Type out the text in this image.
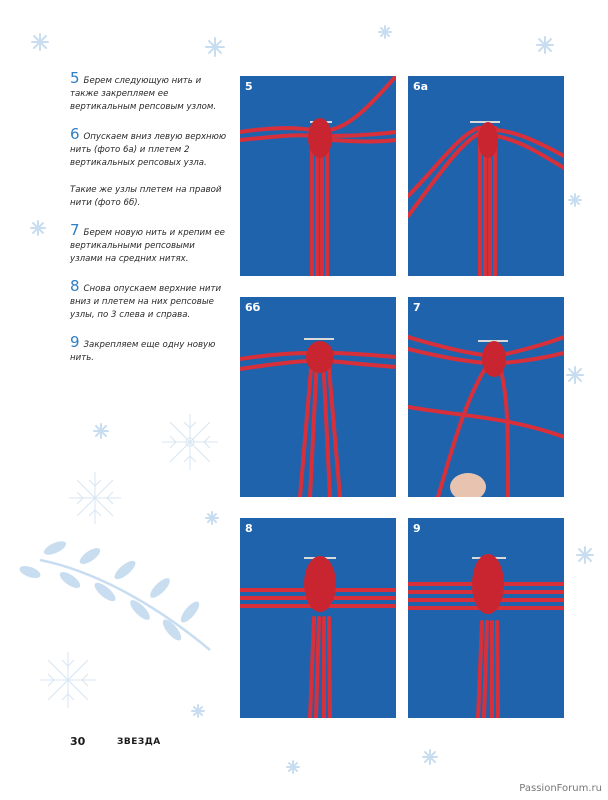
5 Берем следующую нить и также закрепляем ее вертикальным репсовым узлом.

6 Опускаем вниз левую верхнюю нить (фото 6а) и плетем 2 вертикальных репсовых узла.

Такие же узлы плетем на правой нити (фото 6б).

7 Берем новую нить и крепим ее вертикальными репсовыми узлами на средних нитях.

8 Снова опускаем верхние нити вниз и плетем на них репсовые узлы, по 3 слева и справа.

9 Закрепляем еще одну новую нить.

5	6а
6б	7
8	9
30	ЗВЕЗДА
PassionForum.ru
